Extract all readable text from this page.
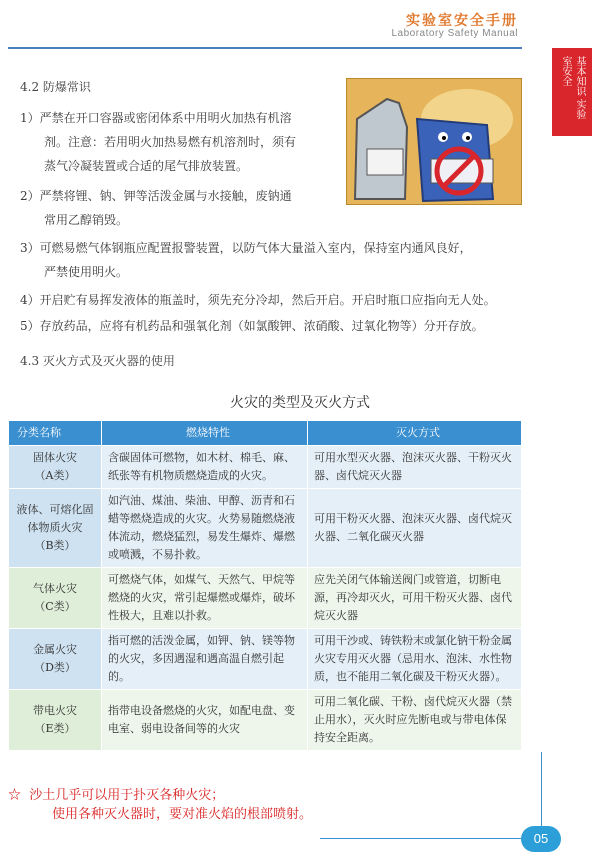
实验室安全手册
Laboratory Safety Manual
基本知识 实验室安全
4.2 防爆常识
1）严禁在开口容器或密闭体系中用明火加热有机溶
　　剂。注意：若用明火加热易燃有机溶剂时，须有
　　蒸气冷凝装置或合适的尾气排放装置。
2）严禁将锂、钠、钾等活泼金属与水接触，废钠通
　　常用乙醇销毁。
3）可燃易燃气体钢瓶应配置报警装置，以防气体大量溢入室内，保持室内通风良好，
　　严禁使用明火。
4）开启贮有易挥发液体的瓶盖时，须先充分冷却，然后开启。开启时瓶口应指向无人处。
5）存放药品，应将有机药品和强氧化剂（如氯酸钾、浓硝酸、过氧化物等）分开存放。
4.3 灭火方式及灭火器的使用
火灾的类型及灭火方式
分类名称	燃烧特性	灭火方式
固体火灾
（A类）	含碳固体可燃物，如木材、棉毛、麻、纸张等有机物质燃烧造成的火灾。	可用水型灭火器、泡沫灭火器、干粉灭火器、卤代烷灭火器
液体、可熔化固体物质火灾
（B类）	如汽油、煤油、柴油、甲醇、沥青和石蜡等燃烧造成的火灾。火势易随燃烧液体流动，燃烧猛烈，易发生爆炸、爆燃或喷溅，不易扑救。	可用干粉灭火器、泡沫灭火器、卤代烷灭火器、二氧化碳灭火器
气体火灾
（C类）	可燃烧气体，如煤气、天然气、甲烷等燃烧的火灾，常引起爆燃或爆炸，破坏性极大，且难以扑救。	应先关闭气体输送阀门或管道，切断电源，再冷却灭火，可用干粉灭火器、卤代烷灭火器
金属火灾
（D类）	指可燃的活泼金属，如钾、钠、镁等物的火灾，多因遇湿和遇高温自燃引起的。	可用干沙或、铸铁粉末或氯化钠干粉金属火灾专用灭火器（忌用水、泡沫、水性物质，也不能用二氧化碳及干粉灭火器）。
带电火灾
（E类）	指带电设备燃烧的火灾，如配电盘、变电室、弱电设备间等的火灾	可用二氧化碳、干粉、卤代烷灭火器（禁止用水），灭火时应先断电或与带电体保持安全距离。
☆ 沙土几乎可以用于扑灭各种火灾；
使用各种灭火器时，要对准火焰的根部喷射。
05
